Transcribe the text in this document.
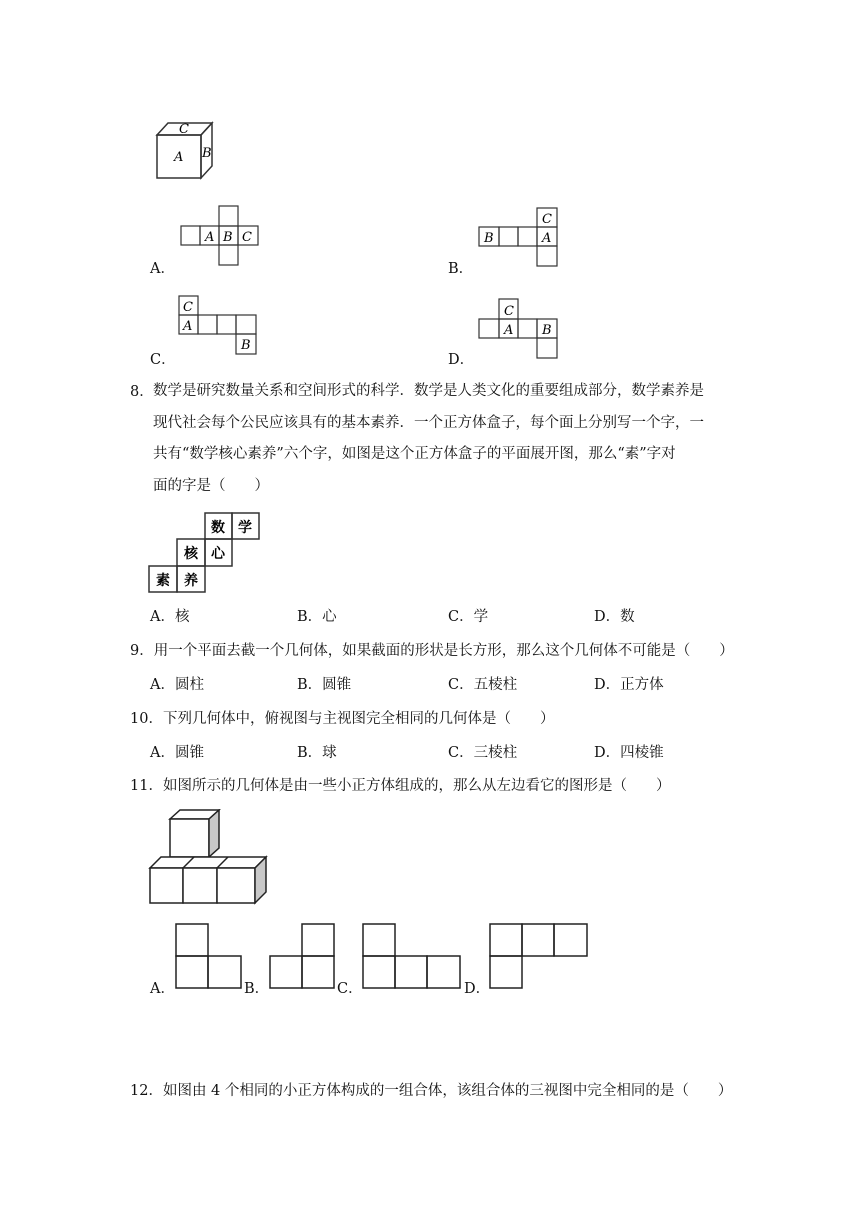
C
A B
A B C
A．
C
B	A
B．
C
A
B
C．
C
A B
D．
8． 数学是研究数量关系和空间形式的科学．数学是人类文化的重要组成部分，数学素养是
现代社会每个公民应该具有的基本素养．一个正方体盒子，每个面上分别写一个字，一
共有“数学核心素养”六个字，如图是这个正方体盒子的平面展开图，那么“素”字对
面的字是（　　）
数 学
核 心
素 养
A．核	B．心	C．学	D．数
9．用一个平面去截一个几何体，如果截面的形状是长方形，那么这个几何体不可能是（　　）
A．圆柱	B．圆锥	C．五棱柱	D．正方体
10．下列几何体中，俯视图与主视图完全相同的几何体是（　　）
A．圆锥	B．球	C．三棱柱	D．四棱锥
11．如图所示的几何体是由一些小正方体组成的，那么从左边看它的图形是（　　）
A．	B．	C．	D．
12．如图由 4 个相同的小正方体构成的一组合体，该组合体的三视图中完全相同的是（　　）
